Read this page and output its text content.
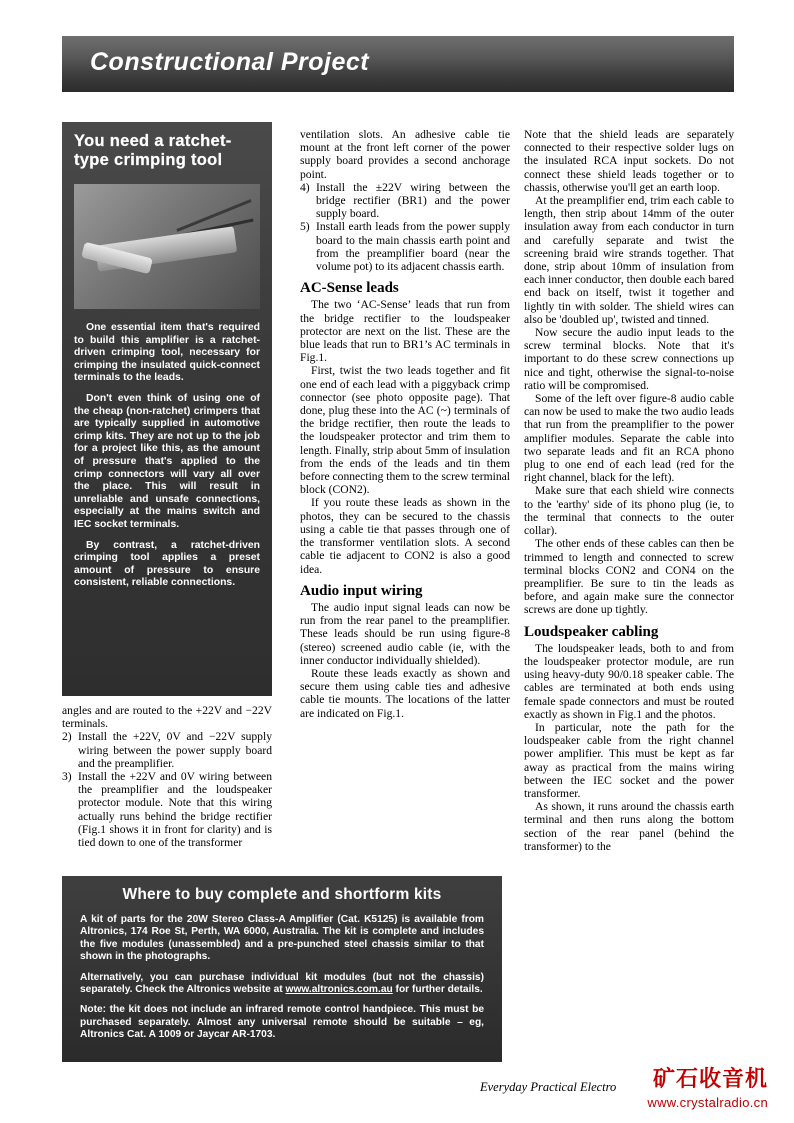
Constructional Project
You need a ratchet-type crimping tool

One essential item that's required to build this amplifier is a ratchet-driven crimping tool, necessary for crimping the insulated quick-connect terminals to the leads.

Don't even think of using one of the cheap (non-ratchet) crimpers that are typically supplied in automotive crimp kits. They are not up to the job for a project like this, as the amount of pressure that's applied to the crimp connectors will vary all over the place. This will result in unreliable and unsafe connections, especially at the mains switch and IEC socket terminals.

By contrast, a ratchet-driven crimping tool applies a preset amount of pressure to ensure consistent, reliable connections.

angles and are routed to the +22V and −22V terminals.
2) Install the +22V, 0V and −22V supply wiring between the power supply board and the preamplifier.
3) Install the +22V and 0V wiring between the preamplifier and the loudspeaker protector module. Note that this wiring actually runs behind the bridge rectifier (Fig.1 shows it in front for clarity) and is tied down to one of the transformer
ventilation slots. An adhesive cable tie mount at the front left corner of the power supply board provides a second anchorage point.
4) Install the ±22V wiring between the bridge rectifier (BR1) and the power supply board.
5) Install earth leads from the power supply board to the main chassis earth point and from the preamplifier board (near the volume pot) to its adjacent chassis earth.
AC-Sense leads

The two ‘AC-Sense’ leads that run from the bridge rectifier to the loudspeaker protector are next on the list. These are the blue leads that run to BR1’s AC terminals in Fig.1.

First, twist the two leads together and fit one end of each lead with a piggyback crimp connector (see photo opposite page). That done, plug these into the AC (~) terminals of the bridge rectifier, then route the leads to the loudspeaker protector and trim them to length. Finally, strip about 5mm of insulation from the ends of the leads and tin them before connecting them to the screw terminal block (CON2).

If you route these leads as shown in the photos, they can be secured to the chassis using a cable tie that passes through one of the transformer ventilation slots. A second cable tie adjacent to CON2 is also a good idea.

Audio input wiring

The audio input signal leads can now be run from the rear panel to the preamplifier. These leads should be run using figure-8 (stereo) screened audio cable (ie, with the inner conductor individually shielded).

Route these leads exactly as shown and secure them using cable ties and adhesive cable tie mounts. The locations of the latter are indicated on Fig.1.

Note that the shield leads are separately connected to their respective solder lugs on the insulated RCA input sockets. Do not connect these shield leads together or to chassis, otherwise you'll get an earth loop.

At the preamplifier end, trim each cable to length, then strip about 14mm of the outer insulation away from each conductor in turn and carefully separate and twist the screening braid wire strands together. That done, strip about 10mm of insulation from each inner conductor, then double each bared end back on itself, twist it together and lightly tin with solder. The shield wires can also be 'doubled up', twisted and tinned.

Now secure the audio input leads to the screw terminal blocks. Note that it's important to do these screw connections up nice and tight, otherwise the signal-to-noise ratio will be compromised.

Some of the left over figure-8 audio cable can now be used to make the two audio leads that run from the preamplifier to the power amplifier modules. Separate the cable into two separate leads and fit an RCA phono plug to one end of each lead (red for the right channel, black for the left).

Make sure that each shield wire connects to the 'earthy' side of its phono plug (ie, to the terminal that connects to the outer collar).

The other ends of these cables can then be trimmed to length and connected to screw terminal blocks CON2 and CON4 on the preamplifier. Be sure to tin the leads as before, and again make sure the connector screws are done up tightly.

Loudspeaker cabling

The loudspeaker leads, both to and from the loudspeaker protector module, are run using heavy-duty 90/0.18 speaker cable. The cables are terminated at both ends using female spade connectors and must be routed exactly as shown in Fig.1 and the photos.

In particular, note the path for the loudspeaker cable from the right channel power amplifier. This must be kept as far away as practical from the mains wiring between the IEC socket and the power transformer.

As shown, it runs around the chassis earth terminal and then runs along the bottom section of the rear panel (behind the transformer) to the

Where to buy complete and shortform kits

A kit of parts for the 20W Stereo Class-A Amplifier (Cat. K5125) is available from Altronics, 174 Roe St, Perth, WA 6000, Australia. The kit is complete and includes the five modules (unassembled) and a pre-punched steel chassis similar to that shown in the photographs.

Alternatively, you can purchase individual kit modules (but not the chassis) separately. Check the Altronics website at www.altronics.com.au for further details.

Note: the kit does not include an infrared remote control handpiece. This must be purchased separately. Almost any universal remote should be suitable – eg, Altronics Cat. A 1009 or Jaycar AR-1703.

Everyday Practical Electro	矿石收音机
www.crystalradio.cn
